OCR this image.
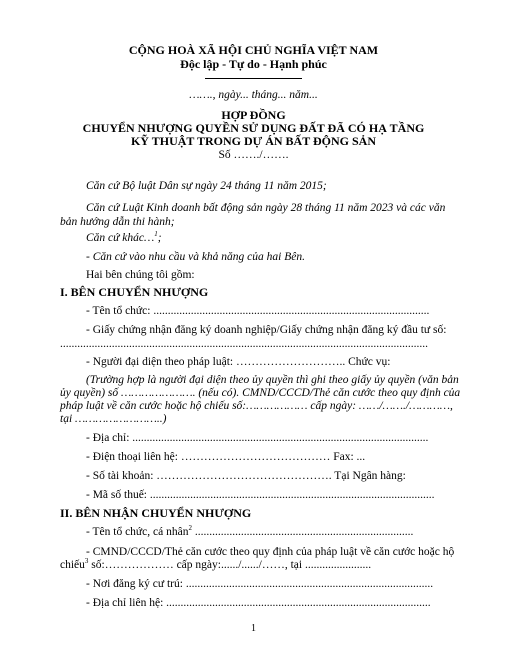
CỘNG HOÀ XÃ HỘI CHỦ NGHĨA VIỆT NAM
Độc lập - Tự do - Hạnh phúc
……., ngày... tháng... năm...
HỢP ĐỒNG
CHUYỂN NHƯỢNG QUYỀN SỬ DỤNG ĐẤT ĐÃ CÓ HẠ TẦNG
KỸ THUẬT TRONG DỰ ÁN BẤT ĐỘNG SẢN
Số ……./…….
Căn cứ Bộ luật Dân sự ngày 24 tháng 11 năm 2015;
Căn cứ Luật Kinh doanh bất động sản ngày 28 tháng 11 năm 2023 và các văn
bản hướng dẫn thi hành;
Căn cứ khác…$^1$;
- Căn cứ vào nhu cầu và khả năng của hai Bên.
Hai bên chúng tôi gồm:
I. BÊN CHUYỂN NHƯỢNG
- Tên tổ chức: ................................................................................................
- Giấy chứng nhận đăng ký doanh nghiệp/Giấy chứng nhận đăng ký đầu tư số:
................................................................................................................................
- Người đại diện theo pháp luật: ……………………….. Chức vụ:
(Trường hợp là người đại diện theo ủy quyền thì ghi theo giấy ủy quyền (văn bản
ủy quyền) số …………………. (nếu có). CMND/CCCD/Thẻ căn cước theo quy định của
pháp luật về căn cước hoặc hộ chiếu số:……………… cấp ngày: ……/……./…………,
tại ……………………..)
- Địa chỉ: .......................................................................................................
- Điện thoại liên hệ: ………………………………… Fax: ...
- Số tài khoản: ………………………………………. Tại Ngân hàng:
- Mã số thuế: ...................................................................................................
II. BÊN NHẬN CHUYỂN NHƯỢNG
- Tên tổ chức, cá nhân$^2$ ............................................................................
- CMND/CCCD/Thẻ căn cước theo quy định của pháp luật về căn cước hoặc hộ
chiếu$^3$ số:……………… cấp ngày:....../....../……, tại .......................
- Nơi đăng ký cư trú: ......................................................................................
- Địa chỉ liên hệ: ............................................................................................
1
